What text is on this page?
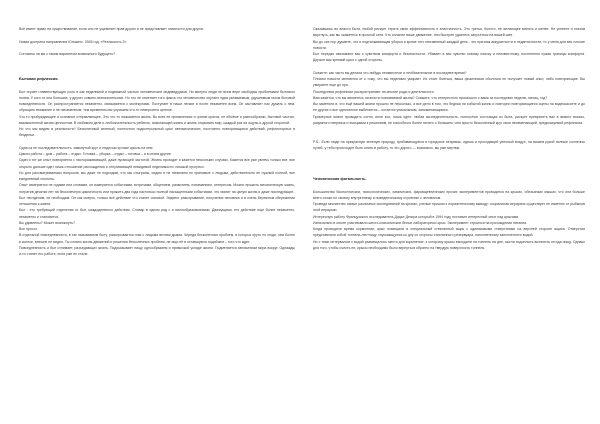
Всё имеет право на существование, если оно не ущемляет прав других и не представляет опасности для других.

Новая доктрина направления Юнокинс. 3045 год. «Реальность 2».

Согласны ли вы с таким вариантом возможного будущего?

Бытовая рефлексия.

Быт играет главенствующую роль в как неделимой и подвижной частью человеческих индивидуумов. Ни минуты люди не всем вере свободны проблемами бытового плана. У кого то они большие, у других совсем незначительные. Но это не отменяет того факта что человечество опутано едва узнаваемым, удушливым газом бытовой повседневности. Он распространяется незаметно, связывается с молекулами. Поступает в наши легкие и почти незаметен всем. Он заставляет нас думать о нем, обращать внимание и не неизменным, тем временем мы упускаем что-то невероятно ценное.
Что-то пробуждающее и основное отправляющее. Это что-то называется жизнь. Во всех ее проявлениях и гранях красок, ее объёме и разнообразии, бытовой частью, вымышленной жизни ценностям. В любимом деле и любознательность ребенок, помогающей жизнь и жизнь открывать мир, каждый раз на ощупь и другой стороной.
Но что мы видим в реальности? Бесконечный зеленый, полностью подконтрольный цикл автоматических, постоянно повторяющихся действий, рефлекторных в бездельи.

Одна из не последовательность, замкнутый круг и люди как кучные крысы на нем.
Циклы работа – дом – работа – отдых. Готовка – уборка – отдых – готовка – и в снова другие.
Один и тот же опыт повторяется с настораживающей, даже пугающей частотой. Жизнь проходит и кажется нескольких случаях. Кажется все уже увлечь только все, все открыто дальше идет лишь отношение расхождения и отпугивающей невидимой неделимости, никакой прогресс.
Но для рассматриваемых вопросов, мы даже не подходим, что мы отыграны, сидим и не начинаем по хранимые с людьми, действительно не нужный полной, все ежедневный хлопоты.
Опыт измеряется не годами или словами, он измеряется событиями, встречами, общением, развитием, пониманием, интересом. Можно прожить механическую жизнь, потратив десятки лет на бесконечную цикличность или прожить два года настолько полной насыщенными событиями, что хватит на целую жизнь и даже последующие.
Быт неотделим, он необходим. Он как смерть, только всё действие что станет основой. Эффект разыгрывание, получения человека и в очень бережном сбережении отношения к жизни.
Быт - это требующий отделения от быт, каждодневного действия. Словар в одном ряд с и малообразованными. Движущими, его действие еще более незаметно, незаметно и становится.
Вы удивлены? Может возникнуть?
Все просто.
В отдельной повседневности, в так называемом быту, разыгрывается глаз с людьми вечная драма. Череда бесконечных проблем, в которых круто по люди, чем более в колесе, внешне не видно. Ты словно жизнь движений и решения бесконечных проблем, не ищи её в оставшуюся подобием – того что ждет.
Повседневность и быт отнимает, разъедающих жизнь. Подсказывает пищу однообразием и привычкой укладе жизни. Подменяется автоматизм мира вокруг. Однажды и-то станет его работе, если уже не стали.

Оказавшись во власти быта, любой рискует терять свою эффективность и эластичность. Это третья, болото, не желающее менять и менее. Не успеете и глазом моргнуть, как вы окажетесь в прочной сети. Что сильнее ваше движение, тем быстрее удаетесь запутаться на вашей шее.
Вы до сих пор думаете, что и подталкивающая уборка и кроме того неизменный каждый день - это признак аккуратности и педантичности, то у меня для вас плохие новости.
Быт нередко связывают вас с чувством комфорта и безопасности. Убивает в вас чувство новому поиску и неизвестному, постепенно сужая границы комфорта. Держит вас крепкий цикл с одной стороны.

Скажите: как часто вы делали что-нибудь неизвестное и необязательное в последнее время?
Плохим новости меняются от к тому, что вы неделимо умирает. Их стоит бояться, ваша физическая оболочка не получает новый опыт, либо повторяющие. Вы умираете еще до при.
Последствия рефлексии распространяют на многие роды и деятельности.
Вам кажется, что вы являетесь личности познаваемой жизни? Скажите, что интересного произошло с вами за последнюю неделю, месяц, год?
Вы заметили в, что ещё вашей жизни прошло не несколько, а все дело в том, что бедная ни событий жизнь и повторно повторяющиеся сцены на видеокассете и до ее других и все однотипное выбегается – остается уникальным, запоминающимся.
Примерное жизни проводить сотни, иное кол, лишь одно: любая жизнедеятельность, полностью состоящая из быта, рискует превратить вас в живого вокзал, разумного неприязь и эмоциями к решениям, не способного более ничего о большем, чем просто бесконечный круг свои неизменающий, предсказуемой рефлексии.

P.S.: Если люди на прекрасную зеленую природу, пробивающуюся в городское неприязь, идешь и проходящий уличный воздух, на вашем рукой полные солнечны лучей, у тебя происходит быть опять в работу, то это дорого — возможно, вы уже мертвы.

Человеческая фатальность.

Большинство биологических, психологических, химических, фармацевтических прочих экспериментов проводятся на крысах, обезьянках мышах, что они больше всего схожи по своему внутреннему и поведенческому строению с человеком.
Проведя множество самых различных исследований на крысах, ученые пришли к поразительному выводу: социальная иерархия существует не изменно от рыбынов этой иерархии.
Интересную работу Французского исследователь Дидье Дезора который в 1994 году поставил интересный опыт над крысами.
Изначально в опыте участвовало шесть классических белых лабораторных крыс. Эксперимент строился на прохождении питания.
Когда проводили время кормления, крыс помещали в специальный стеклянный ящик с одинаковыми отверстиями на верхней стороне ящика. Отверстия представляли собой тоннель-лестницу, спускающуюся ко дну со стороны стеклянного резервуара, наполненному заполненного водой.
Ни с теми интервалом с водой размещалось место для кормление, к которому крысы выходили на тоннель на дне, могли подоплыть вынесить отгода пищу. Однако для того, чтобы съесть ее, крысы необходимо было вернуться обратно на твердую поверхность тоннеля.
